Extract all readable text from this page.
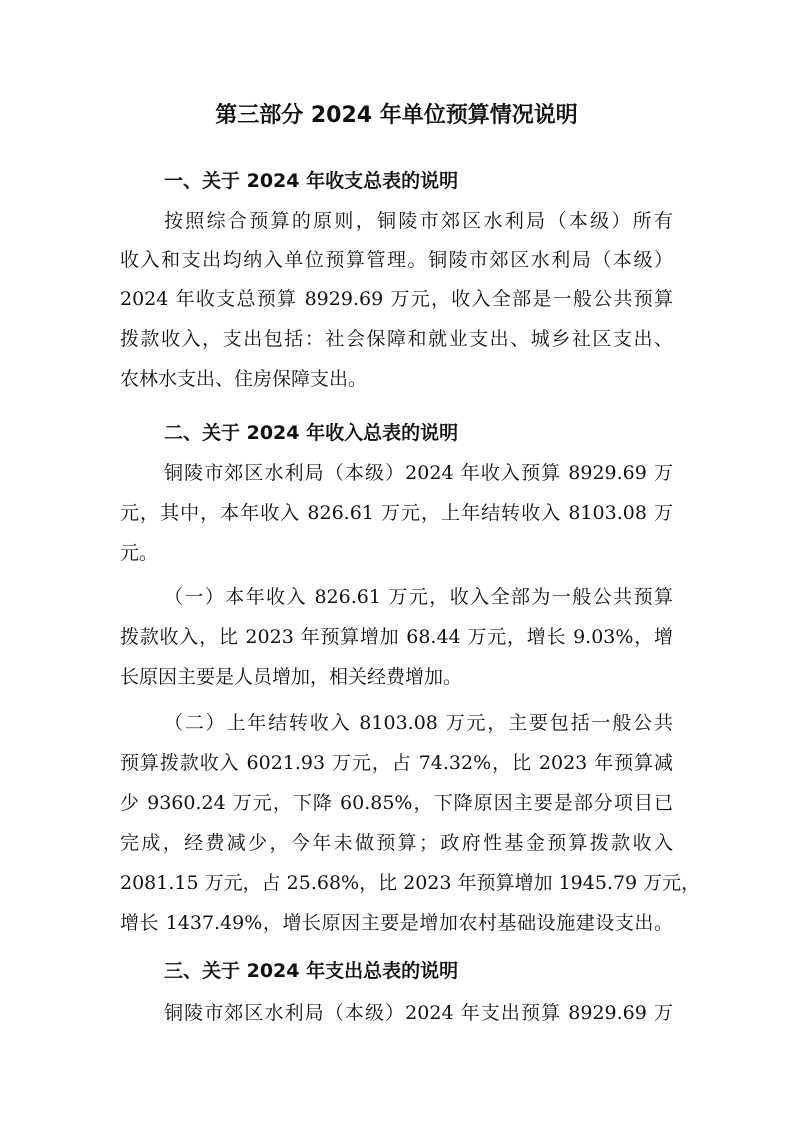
第三部分 2024 年单位预算情况说明
一、关于 2024 年收支总表的说明
按照综合预算的原则，铜陵市郊区水利局（本级）所有
收入和支出均纳入单位预算管理。铜陵市郊区水利局（本级）
2024 年收支总预算 8929.69 万元，收入全部是一般公共预算
拨款收入，支出包括：社会保障和就业支出、城乡社区支出、
农林水支出、住房保障支出。
二、关于 2024 年收入总表的说明
铜陵市郊区水利局（本级）2024 年收入预算 8929.69 万
元，其中，本年收入 826.61 万元，上年结转收入 8103.08 万
元。
（一）本年收入 826.61 万元，收入全部为一般公共预算
拨款收入，比 2023 年预算增加 68.44 万元，增长 9.03%，增
长原因主要是人员增加，相关经费增加。
（二）上年结转收入 8103.08 万元，主要包括一般公共
预算拨款收入 6021.93 万元，占 74.32%，比 2023 年预算减
少 9360.24 万元，下降 60.85%，下降原因主要是部分项目已
完成，经费减少，今年未做预算；政府性基金预算拨款收入
2081.15 万元，占 25.68%，比 2023 年预算增加 1945.79 万元，
增长 1437.49%，增长原因主要是增加农村基础设施建设支出。
三、关于 2024 年支出总表的说明
铜陵市郊区水利局（本级）2024 年支出预算 8929.69 万
